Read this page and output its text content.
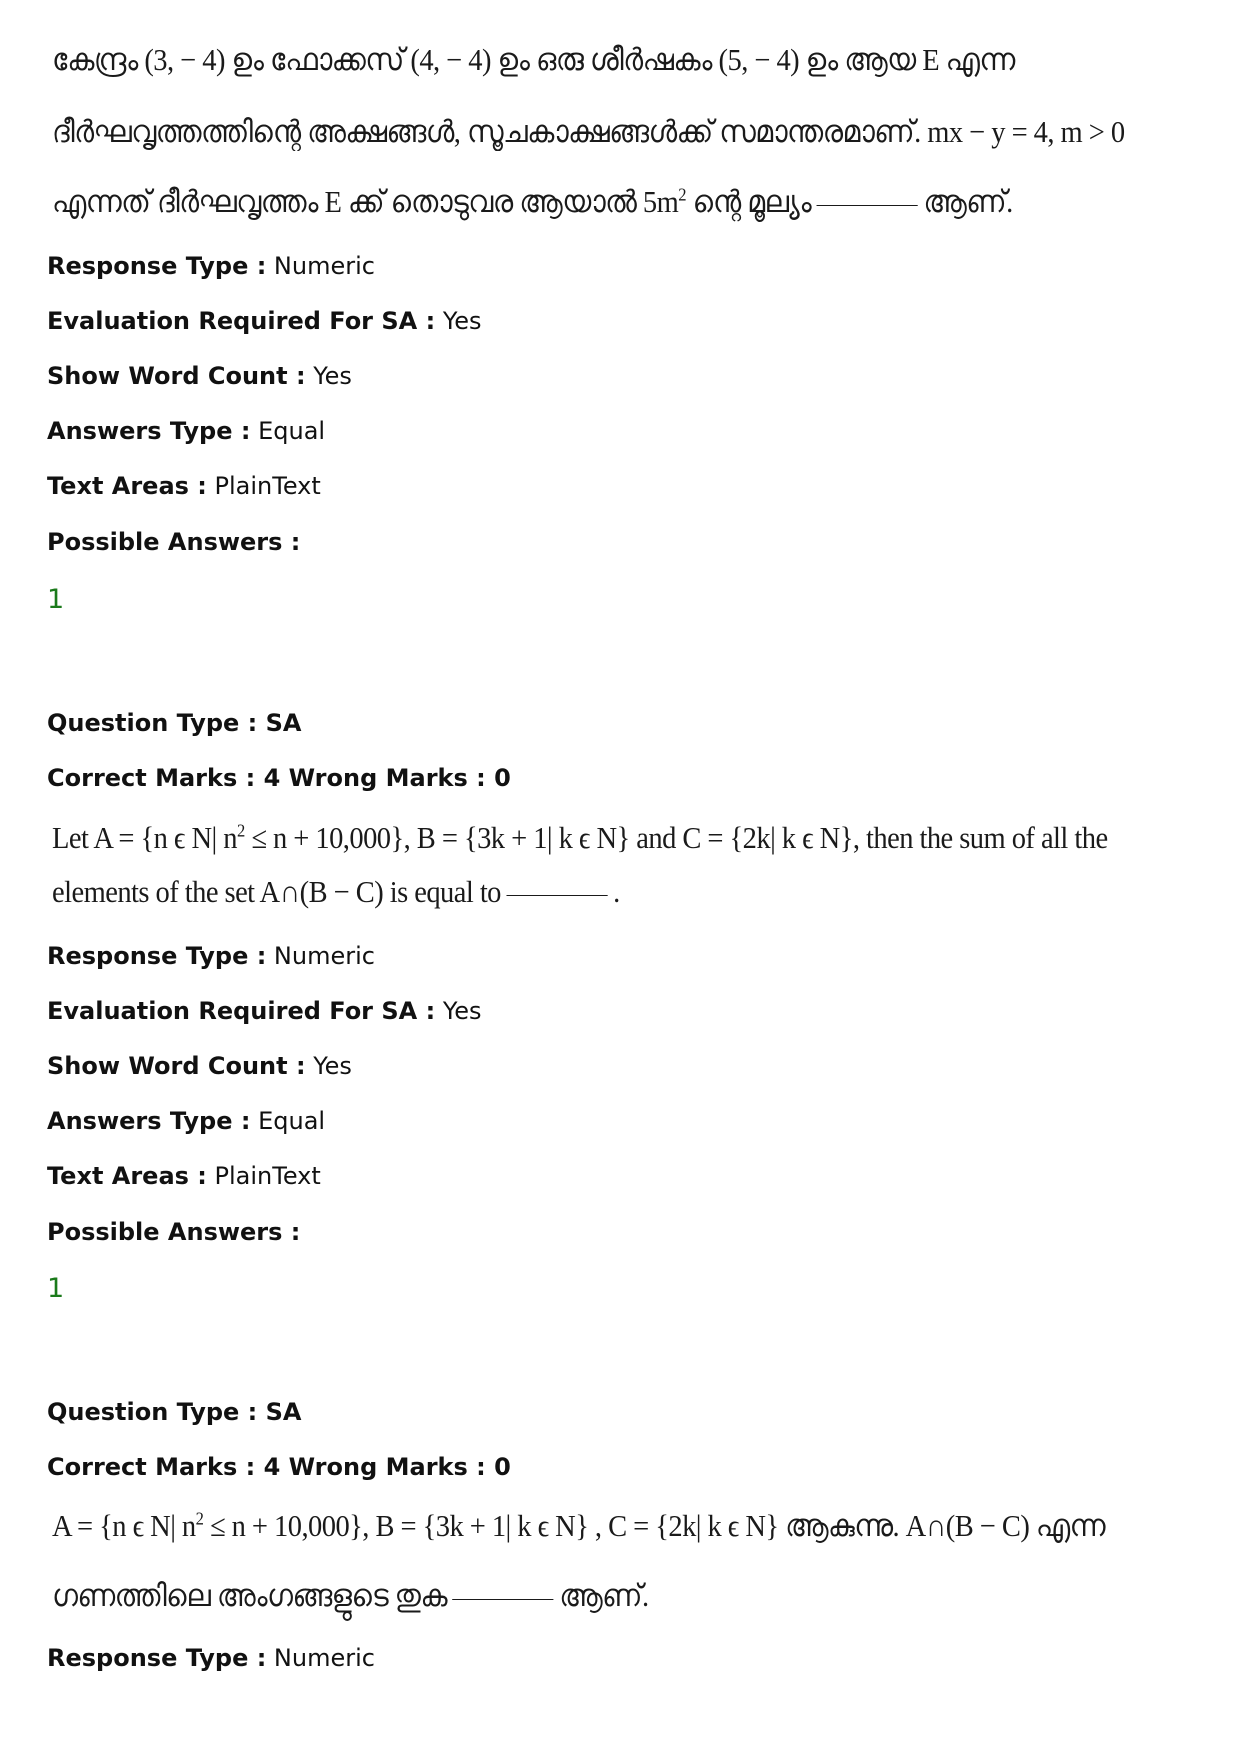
കേന്ദ്രം (3, − 4) ഉം ഫോക്കസ് (4, − 4) ഉം ഒരു ശീർഷകം (5, − 4) ഉം ആയ E എന്ന
ദീർഘവൃത്തത്തിന്റെ അക്ഷങ്ങൾ, സൂചകാക്ഷങ്ങൾക്ക് സമാന്തരമാണ്. mx − y = 4, m > 0
എന്നത് ദീർഘവൃത്തം E ക്ക് തൊടുവര ആയാൽ $5m^2$ ന്റെ മൂല്യം	ആണ്.
Response Type : Numeric
Evaluation Required For SA : Yes
Show Word Count : Yes
Answers Type : Equal
Text Areas : PlainText
Possible Answers :
1
Question Type : SA
Correct Marks : 4 Wrong Marks : 0
Let A = {n ϵ N| $n^2 \le n + 10,000$}, B = {3k + 1| k ϵ N} and C = {2k| k ϵ N}, then the sum of all the
elements of the set A∩(B − C) is equal to	.
Response Type : Numeric
Evaluation Required For SA : Yes
Show Word Count : Yes
Answers Type : Equal
Text Areas : PlainText
Possible Answers :
1
Question Type : SA
Correct Marks : 4 Wrong Marks : 0
A = {n ϵ N| $n^2 \le n + 10,000$}, B = {3k + 1| k ϵ N} , C = {2k| k ϵ N} ആകുന്നു. A∩(B − C) എന്ന
ഗണത്തിലെ അംഗങ്ങളുടെ തുക	ആണ്.
Response Type : Numeric
